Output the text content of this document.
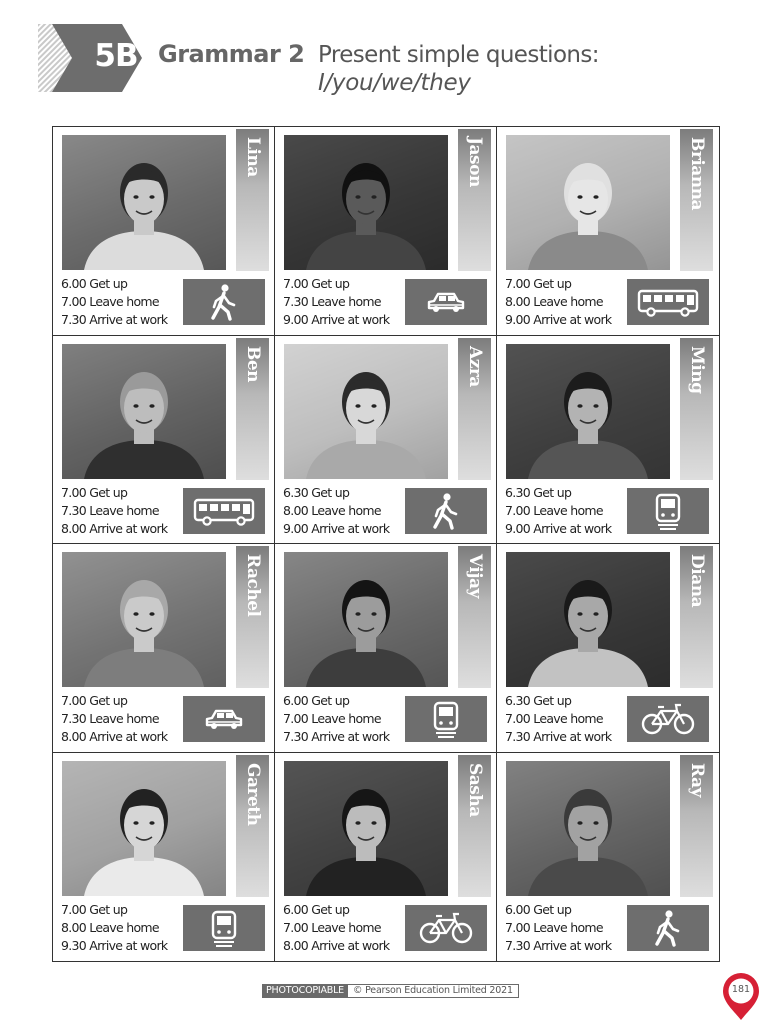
5B Grammar 2 Present simple questions:
I/you/we/they
Lina
6.00 Get up
7.00 Leave home
7.30 Arrive at work
Jason
7.00 Get up
7.30 Leave home
9.00 Arrive at work
Brianna
7.00 Get up
8.00 Leave home
9.00 Arrive at work
Ben
7.00 Get up
7.30 Leave home
8.00 Arrive at work
Azra
6.30 Get up
8.00 Leave home
9.00 Arrive at work
Ming
6.30 Get up
7.00 Leave home
9.00 Arrive at work
Rachel
7.00 Get up
7.30 Leave home
8.00 Arrive at work
Vijay
6.00 Get up
7.00 Leave home
7.30 Arrive at work
Diana
6.30 Get up
7.00 Leave home
7.30 Arrive at work
Gareth
7.00 Get up
8.00 Leave home
9.30 Arrive at work
Sasha
6.00 Get up
7.00 Leave home
8.00 Arrive at work
Ray
6.00 Get up
7.00 Leave home
7.30 Arrive at work
PHOTOCOPIABLE © Pearson Education Limited 2021	181
